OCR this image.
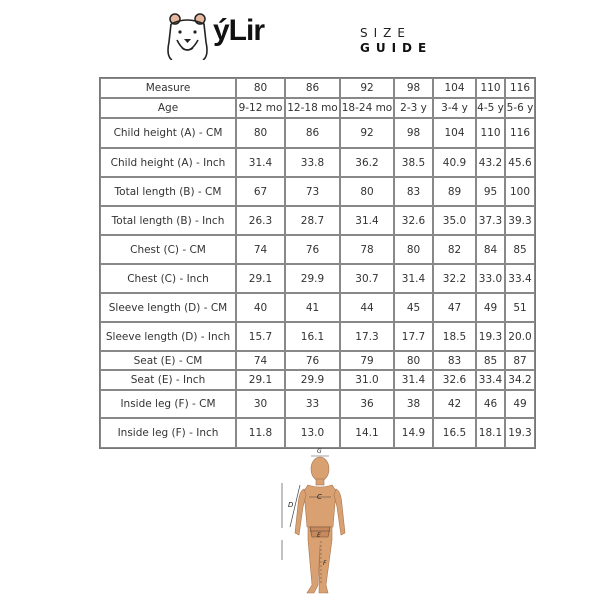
ýLir	SIZE
GUIDE
Measure	80	86	92	98	104	110	116
Age	9-12 mo	12-18 mo	18-24 mo	2-3 y	3-4 y	4-5 y	5-6 y
Child height (A) - CM	80	86	92	98	104	110	116
Child height (A) - Inch	31.4	33.8	36.2	38.5	40.9	43.2	45.6
Total length (B) - CM	67	73	80	83	89	95	100
Total length (B) - Inch	26.3	28.7	31.4	32.6	35.0	37.3	39.3
Chest (C) - CM	74	76	78	80	82	84	85
Chest (C) - Inch	29.1	29.9	30.7	31.4	32.2	33.0	33.4
Sleeve length (D) - CM	40	41	44	45	47	49	51
Sleeve length (D) - Inch	15.7	16.1	17.3	17.7	18.5	19.3	20.0
Seat (E) - CM	74	76	79	80	83	85	87
Seat (E) - Inch	29.1	29.9	31.0	31.4	32.6	33.4	34.2
Inside leg (F) - CM	30	33	36	38	42	46	49
Inside leg (F) - Inch	11.8	13.0	14.1	14.9	16.5	18.1	19.3
G
C
D
E
F
